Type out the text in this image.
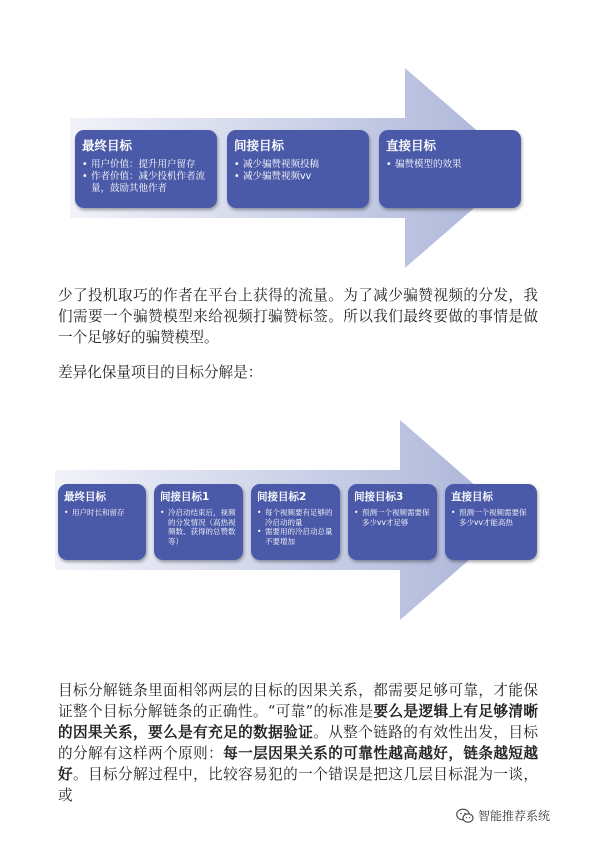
最终目标
• 用户价值：提升用户留存
• 作者价值：减少投机作者流量，鼓励其他作者
间接目标
• 减少骗赞视频投稿
• 减少骗赞视频vv
直接目标
• 骗赞模型的效果

少了投机取巧的作者在平台上获得的流量。为了减少骗赞视频的分发，我们需要一个骗赞模型来给视频打骗赞标签。所以我们最终要做的事情是做一个足够好的骗赞模型。

差异化保量项目的目标分解是：

最终目标
• 用户时长和留存
间接目标1
• 冷启动结束后，视频的分发情况（高热视频数、获得的总赞数等）
间接目标2
• 每个视频要有足够的冷启动的量
• 需要用的冷启动总量不要增加
间接目标3
• 预测一个视频需要保多少vv才足够
直接目标
• 预测一个视频需要保多少vv才能高热

目标分解链条里面相邻两层的目标的因果关系，都需要足够可靠，才能保证整个目标分解链条的正确性。“可靠”的标准是要么是逻辑上有足够清晰的因果关系，要么是有充足的数据验证。从整个链路的有效性出发，目标的分解有这样两个原则：每一层因果关系的可靠性越高越好，链条越短越好。目标分解过程中，比较容易犯的一个错误是把这几层目标混为一谈，或

智能推荐系统
